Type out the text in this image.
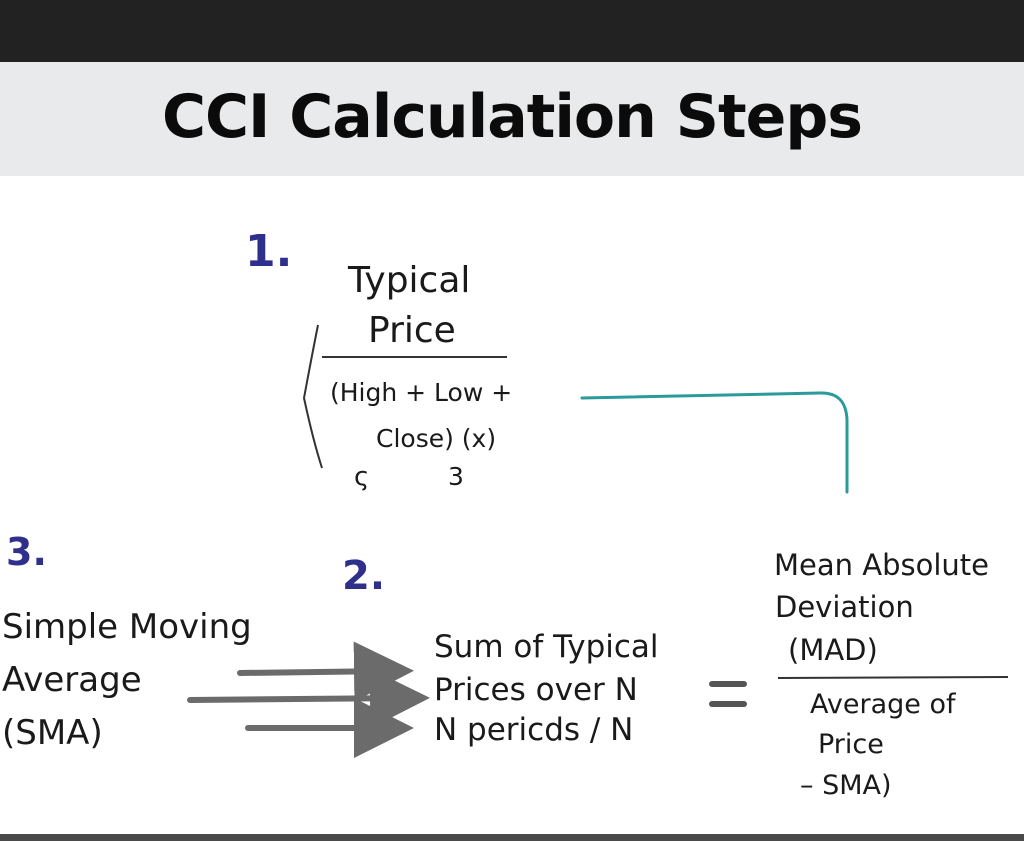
CCI Calculation Steps
1.
Typical
Price
(High + Low +
Close) (x)
ς	3
3.
Simple Moving
Average
(SMA)
2.
Sum of Typical
Prices over N
N pericds / N
Mean Absolute
Deviation
(MAD)
Average of
Price
– SMA)
